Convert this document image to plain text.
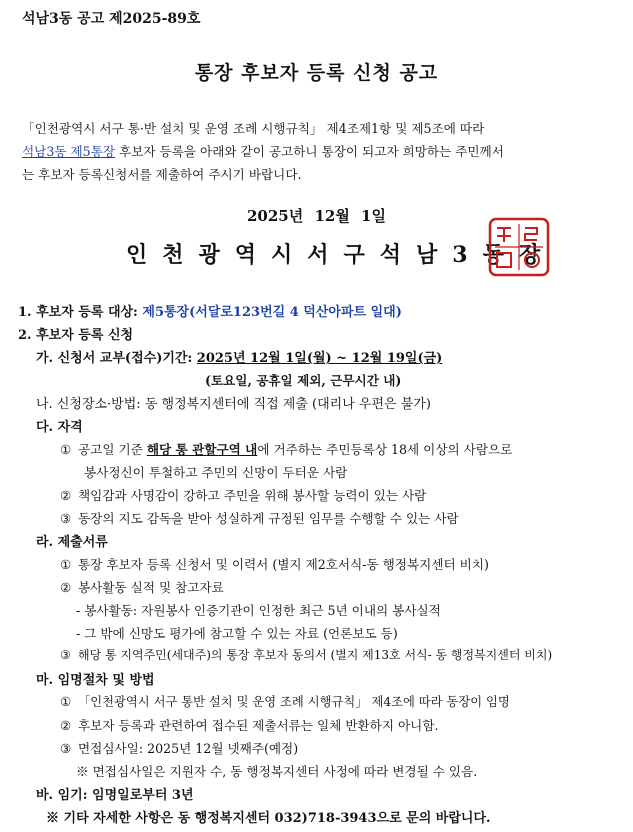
석남3동 공고 제2025-89호
통장 후보자 등록 신청 공고
「인천광역시 서구 통·반 설치 및 운영 조례 시행규칙」 제4조제1항 및 제5조에 따라
석남3동 제5통장 후보자 등록을 아래와 같이 공고하니 통장이 되고자 희망하는 주민께서
는 후보자 등록신청서를 제출하여 주시기 바랍니다.
2025년 12월 1일
인천광역시서구석남3동장
1. 후보자 등록 대상: 제5통장(서달로123번길 4 덕산아파트 일대)
2. 후보자 등록 신청
가. 신청서 교부(접수)기간: 2025년 12월 1일(월) ~ 12월 19일(금)
(토요일, 공휴일 제외, 근무시간 내)
나. 신청장소·방법: 동 행정복지센터에 직접 제출 (대리나 우편은 불가)
다. 자격
① 공고일 기준 해당 통 관할구역 내에 거주하는 주민등록상 18세 이상의 사람으로
봉사정신이 투철하고 주민의 신망이 두터운 사람
② 책임감과 사명감이 강하고 주민을 위해 봉사할 능력이 있는 사람
③ 동장의 지도 감독을 받아 성실하게 규정된 임무를 수행할 수 있는 사람
라. 제출서류
① 통장 후보자 등록 신청서 및 이력서 (별지 제2호서식-동 행정복지센터 비치)
② 봉사활동 실적 및 참고자료
- 봉사활동: 자원봉사 인증기관이 인정한 최근 5년 이내의 봉사실적
- 그 밖에 신망도 평가에 참고할 수 있는 자료 (언론보도 등)
③ 해당 통 지역주민(세대주)의 통장 후보자 동의서 (별지 제13호 서식- 동 행정복지센터 비치)
마. 임명절차 및 방법
① 「인천광역시 서구 통반 설치 및 운영 조례 시행규칙」 제4조에 따라 동장이 임명
② 후보자 등록과 관련하여 접수된 제출서류는 일체 반환하지 아니함.
③ 면접심사일: 2025년 12월 넷째주(예정)
※ 면접심사일은 지원자 수, 동 행정복지센터 사정에 따라 변경될 수 있음.
바. 임기: 임명일로부터 3년
※ 기타 자세한 사항은 동 행정복지센터 032)718-3943으로 문의 바랍니다.
